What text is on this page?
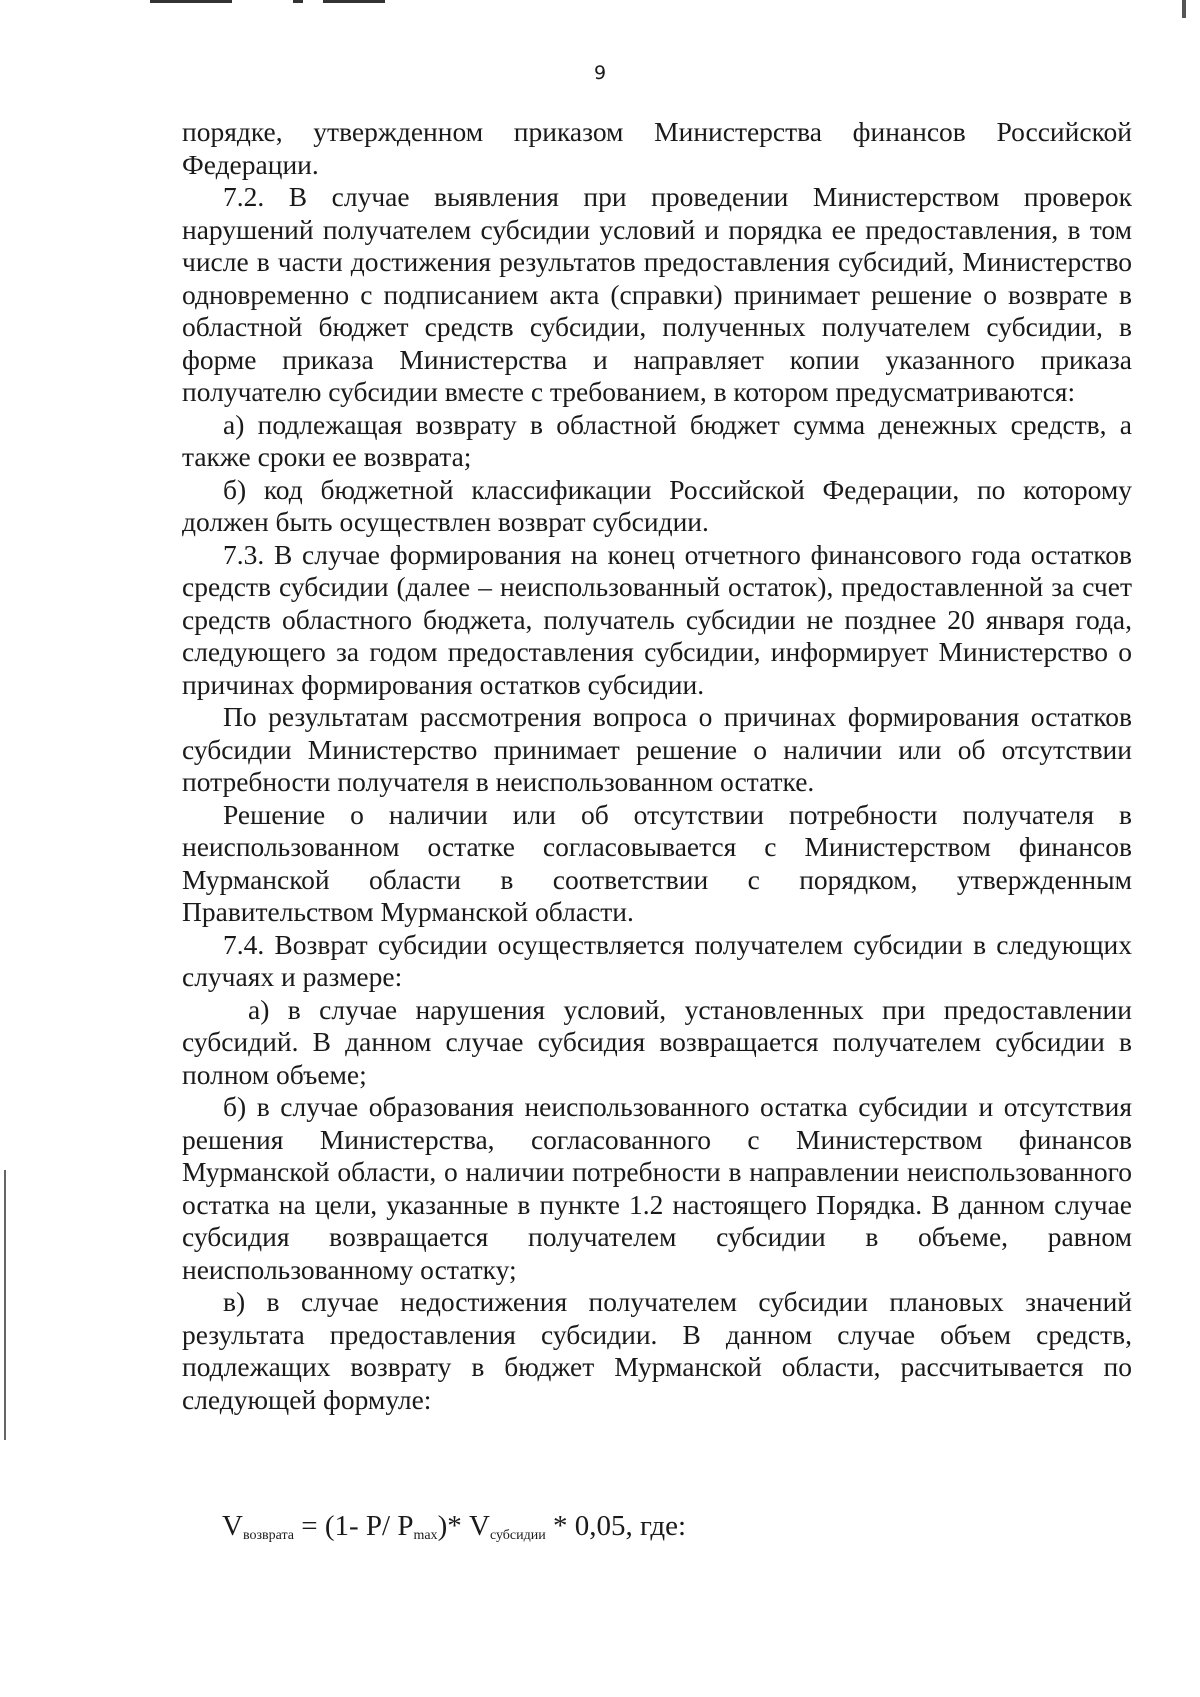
9

порядке, утвержденном приказом Министерства финансов Российской Федерации.

7.2. В случае выявления при проведении Министерством проверок нарушений получателем субсидии условий и порядка ее предоставления, в том числе в части достижения результатов предоставления субсидий, Министерство одновременно с подписанием акта (справки) принимает решение о возврате в областной бюджет средств субсидии, полученных получателем субсидии, в форме приказа Министерства и направляет копии указанного приказа получателю субсидии вместе с требованием, в котором предусматриваются:

а) подлежащая возврату в областной бюджет сумма денежных средств, а также сроки ее возврата;

б) код бюджетной классификации Российской Федерации, по которому должен быть осуществлен возврат субсидии.

7.3. В случае формирования на конец отчетного финансового года остатков средств субсидии (далее – неиспользованный остаток), предоставленной за счет средств областного бюджета, получатель субсидии не позднее 20 января года, следующего за годом предоставления субсидии, информирует Министерство о причинах формирования остатков субсидии.

По результатам рассмотрения вопроса о причинах формирования остатков субсидии Министерство принимает решение о наличии или об отсутствии потребности получателя в неиспользованном остатке.

Решение о наличии или об отсутствии потребности получателя в неиспользованном остатке согласовывается с Министерством финансов Мурманской области в соответствии с порядком, утвержденным Правительством Мурманской области.

7.4. Возврат субсидии осуществляется получателем субсидии в следующих случаях и размере:

а) в случае нарушения условий, установленных при предоставлении субсидий. В данном случае субсидия возвращается получателем субсидии в полном объеме;

б) в случае образования неиспользованного остатка субсидии и отсутствия решения Министерства, согласованного с Министерством финансов Мурманской области, о наличии потребности в направлении неиспользованного остатка на цели, указанные в пункте 1.2 настоящего Порядка. В данном случае субсидия возвращается получателем субсидии в объеме, равном неиспользованному остатку;

в) в случае недостижения получателем субсидии плановых значений результата предоставления субсидии. В данном случае объем средств, подлежащих возврату в бюджет Мурманской области, рассчитывается по следующей формуле:

$V_{возврата} = (1-$ P/ $P_{max})*$ $V_{субсидии} * 0,05$, где:
